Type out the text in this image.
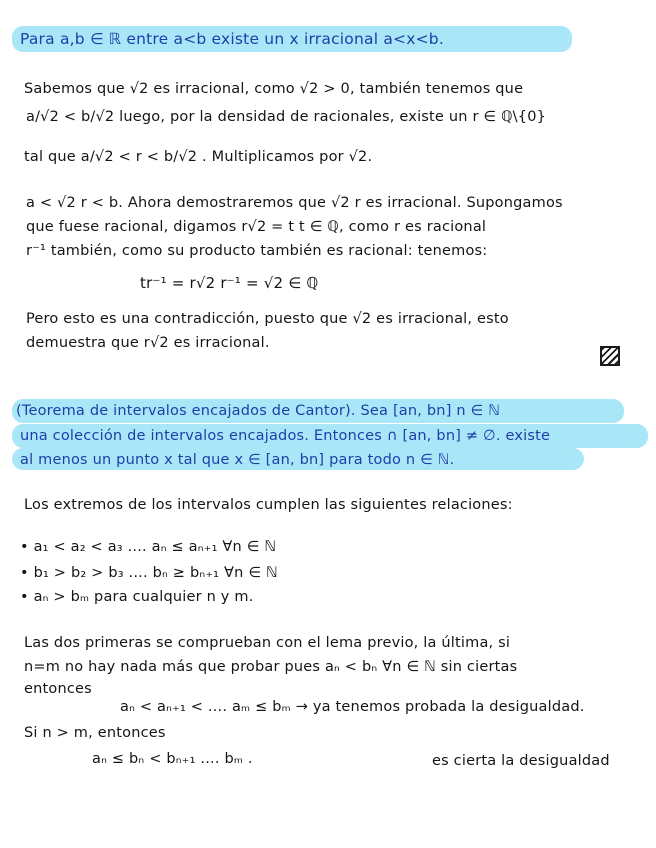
Para a,b ∈ ℝ entre a<b existe un x irracional a<x<b.
Sabemos que √2 es irracional, como √2 > 0, también tenemos que
a/√2 < b/√2 luego, por la densidad de racionales, existe un r ∈ ℚ\{0}
tal que a/√2 < r < b/√2 . Multiplicamos por √2.
a < √2 r < b. Ahora demostraremos que √2 r es irracional. Supongamos
que fuese racional, digamos r√2 = t t ∈ ℚ, como r es racional
r⁻¹ también, como su producto también es racional: tenemos:
tr⁻¹ = r√2 r⁻¹ = √2 ∈ ℚ
Pero esto es una contradicción, puesto que √2 es irracional, esto
demuestra que r√2 es irracional.
(Teorema de intervalos encajados de Cantor). Sea [an, bn] n ∈ ℕ
una colección de intervalos encajados. Entonces ∩ [an, bn] ≠ ∅. existe
al menos un punto x tal que x ∈ [an, bn] para todo n ∈ ℕ.
Los extremos de los intervalos cumplen las siguientes relaciones:
• a₁ < a₂ < a₃ .... aₙ ≤ aₙ₊₁ ∀n ∈ ℕ
• b₁ > b₂ > b₃ .... bₙ ≥ bₙ₊₁ ∀n ∈ ℕ
• aₙ > bₘ para cualquier n y m.
Las dos primeras se comprueban con el lema previo, la última, si
n=m no hay nada más que probar pues aₙ < bₙ ∀n ∈ ℕ sin ciertas
entonces
aₙ < aₙ₊₁ < .... aₘ ≤ bₘ → ya tenemos probada la desigualdad.
Si n > m, entonces
aₙ ≤ bₙ < bₙ₊₁ .... bₘ .	es cierta la desigualdad
